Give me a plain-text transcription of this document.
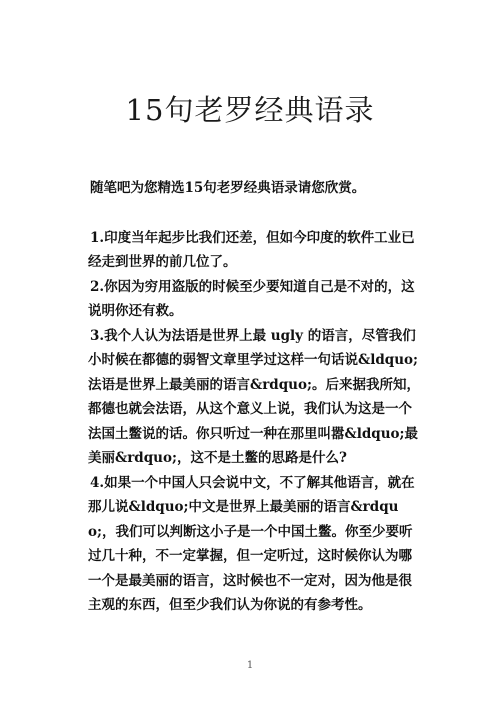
15句老罗经典语录

随笔吧为您精选15句老罗经典语录请您欣赏。

1.印度当年起步比我们还差，但如今印度的软件工业已经走到世界的前几位了。

2.你因为穷用盗版的时候至少要知道自己是不对的，这说明你还有救。

3.我个人认为法语是世界上最 ugly 的语言，尽管我们小时候在都德的弱智文章里学过这样一句话说&ldquo;法语是世界上最美丽的语言&rdquo;。后来据我所知，都德也就会法语，从这个意义上说，我们认为这是一个法国土鳖说的话。你只听过一种在那里叫嚣&ldquo;最美丽&rdquo;，这不是土鳖的思路是什么?

4.如果一个中国人只会说中文，不了解其他语言，就在那儿说&ldquo;中文是世界上最美丽的语言&rdquo;，我们可以判断这小子是一个中国土鳖。你至少要听过几十种，不一定掌握，但一定听过，这时候你认为哪一个是最美丽的语言，这时候也不一定对，因为他是很主观的东西，但至少我们认为你说的有参考性。

1
